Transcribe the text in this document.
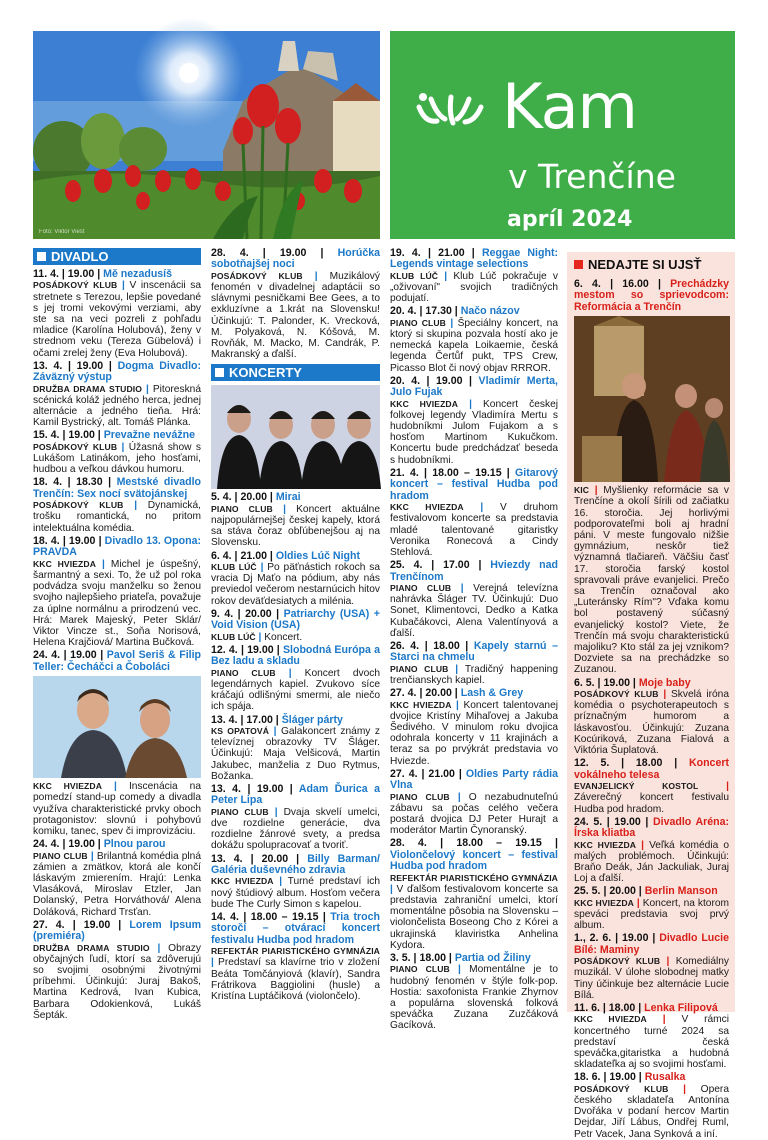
Foto: Viktor Viest
Kam
v Trenčíne
apríl 2024
DIVADLO
11. 4. | 19.00 | Mě nezadusíš
POSÁDKOVÝ KLUB | V inscenácii sa stretnete s Terezou, lepšie povedané s jej tromi vekovými verziami, aby ste sa na veci pozreli z pohľadu mladice (Karolína Holubová), ženy v strednom veku (Tereza Gübelová) i očami zrelej ženy (Eva Holubová).
13. 4. | 19.00 | Dogma Divadlo: Záväzný výstup
DRUŽBA DRAMA STUDIO | Pitoreskná scénická koláž jedného herca, jednej alternácie a jedného tieňa. Hrá: Kamil Bystrický, alt. Tomáš Plánka.
15. 4. | 19.00 | Prevažne nevážne
POSÁDKOVÝ KLUB | Úžasná show s Lukášom Latinákom, jeho hosťami, hudbou a veľkou dávkou humoru.
18. 4. | 18.30 | Mestské divadlo Trenčín: Sex nocí svätojánskej
POSÁDKOVÝ KLUB | Dynamická, trošku romantická, no pritom intelektuálna komédia.
18. 4. | 19.00 | Divadlo 13. Opona: PRAVDA
KKC HVIEZDA | Michel je úspešný, šarmantný a sexi. To, že už pol roka podvádza svoju manželku so ženou svojho najlepšieho priateľa, považuje za úplne normálnu a prirodzenú vec. Hrá: Marek Majeský, Peter Sklár/ Viktor Vincze st., Soňa Norisová, Helena Krajčiová/ Martina Bučková.
24. 4. | 19.00 | Pavol Seriš & Filip Teller: Čecháčci a Čoboláci
KKC HVIEZDA | Inscenácia na pomedzí stand-up comedy a divadla využíva charakteristické prvky oboch protagonistov: slovnú i pohybovú komiku, tanec, spev či improvizáciu.
24. 4. | 19.00 | Plnou parou
PIANO CLUB | Brilantná komédia plná zámien a zmätkov, ktorá ale končí láskavým zmierením. Hrajú: Lenka Vlasáková, Miroslav Etzler, Jan Dolanský, Petra Horváthová/ Alena Doláková, Richard Trsťan.
27. 4. | 19.00 | Lorem Ipsum (premiéra)
DRUŽBA DRAMA STUDIO | Obrazy obyčajných ľudí, ktorí sa zdôverujú so svojimi osobnými životnými príbehmi. Účinkujú: Juraj Bakoš, Martina Kedrová, Ivan Kubica, Barbara Odokienková, Lukáš Šepták.
28. 4. | 19.00 | Horúčka sobotňajšej noci
POSÁDKOVÝ KLUB | Muzikálový fenomén v divadelnej adaptácii so slávnymi pesničkami Bee Gees, a to exkluzívne a 1.krát na Slovensku! Účinkujú: T. Palonder, K. Vrecková, M. Polyaková, N. Kóšová, M. Rovňák, M. Macko, M. Candrák, P. Makranský a ďalší.
KONCERTY
5. 4. | 20.00 | Mirai
PIANO CLUB | Koncert aktuálne najpopulárnejšej českej kapely, ktorá sa stáva čoraz obľúbenejšou aj na Slovensku.
6. 4. | 21.00 | Oldies Lúč Night
KLUB LÚČ | Po päťnástich rokoch sa vracia Dj Maťo na pódium, aby nás previedol večerom nestarnúcich hitov rokov deväťdesiatych a milénia.
9. 4. | 20.00 | Patriarchy (USA) + Void Vision (USA)
KLUB LÚČ | Koncert.
12. 4. | 19.00 | Slobodná Európa a Bez ladu a skladu
PIANO CLUB | Koncert dvoch legendárnych kapiel. Zvukovo síce kráčajú odlišnými smermi, ale niečo ich spája.
13. 4. | 17.00 | Šláger párty
KS OPATOVÁ | Galakoncert známy z televíznej obrazovky TV Šláger. Účinkujú: Maja Velšicová, Martin Jakubec, manželia z Duo Rytmus, Božanka.
13. 4. | 19.00 | Adam Ďurica a Peter Lipa
PIANO CLUB | Dvaja skvelí umelci, dve rozdielne generácie, dva rozdielne žánrové svety, a predsa dokážu spolupracovať a tvoriť.
13. 4. | 20.00 | Billy Barman/ Galéria duševného zdravia
KKC HVIEZDA | Turné predstaví ich nový štúdiový album. Hosťom večera bude The Curly Simon s kapelou.
14. 4. | 18.00 – 19.15 | Tria troch storočí – otvárací koncert festivalu Hudba pod hradom
REFEKTÁR PIARISTICKÉHO GYMNÁZIA | Predstaví sa klavírne trio v zložení Beáta Tomčányiová (klavír), Sandra Frátrikova Baggiolini (husle) a Kristína Luptáčiková (violončelo).
19. 4. | 21.00 | Reggae Night: Legends vintage selections
KLUB LÚČ | Klub Lúč pokračuje v „oživovaní" svojich tradičných podujatí.
20. 4. | 17.30 | Načo názov
PIANO CLUB | Špeciálny koncert, na ktorý si skupina pozvala hostí ako je nemecká kapela Loikaemie, česká legenda Čertůf pukt, TPS Crew, Picasso Blot či nový objav RRROR.
20. 4. | 19.00 | Vladimír Merta, Julo Fujak
KKC HVIEZDA | Koncert českej folkovej legendy Vladimíra Mertu s hudobníkmi Julom Fujakom a s hosťom Martinom Kukučkom. Koncertu bude predchádzať beseda s hudobníkmi.
21. 4. | 18.00 – 19.15 | Gitarový koncert – festival Hudba pod hradom
KKC HVIEZDA | V druhom festivalovom koncerte sa predstavia mladé talentované gitaristky Veronika Ronecová a Cindy Stehlová.
25. 4. | 17.00 | Hviezdy nad Trenčínom
PIANO CLUB | Verejná televízna nahrávka Šláger TV. Účinkujú: Duo Sonet, Klimentovci, Dedko a Katka Kubačákovci, Alena Valentínyová a ďalší.
26. 4. | 18.00 | Kapely starnú – Starci na chmelu
PIANO CLUB | Tradičný happening trenčianskych kapiel.
27. 4. | 20.00 | Lash & Grey
KKC HVIEZDA | Koncert talentovanej dvojice Kristíny Mihaľovej a Jakuba Šedivého. V minulom roku dvojica odohrala koncerty v 11 krajinách a teraz sa po prvýkrát predstavia vo Hviezde.
27. 4. | 21.00 | Oldies Party rádia Vlna
PIANO CLUB | O nezabudnuteľnú zábavu sa počas celého večera postará dvojica DJ Peter Hurajt a moderátor Martin Čynoranský.
28. 4. | 18.00 – 19.15 | Violončelový koncert – festival Hudba pod hradom
REFEKTÁR PIARISTICKÉHO GYMNÁZIA | V ďalšom festivalovom koncerte sa predstavia zahraniční umelci, ktorí momentálne pôsobia na Slovensku – violončelista Boseong Cho z Kórei a ukrajinská klaviristka Anhelina Kydora.
3. 5. | 18.00 | Partia od Žiliny
PIANO CLUB | Momentálne je to hudobný fenomén v štýle folk-pop. Hostia: saxofonista Frankie Zhyrnov a populárna slovenská folková speváčka Zuzana Zuzčáková Gacíková.
NEDAJTE SI UJSŤ
6. 4. | 16.00 | Prechádzky mestom so sprievodcom: Reformácia a Trenčín
KIC | Myšlienky reformácie sa v Trenčíne a okolí šírili od začiatku 16. storočia. Jej horlivými podporovateľmi boli aj hradní páni. V meste fungovalo nižšie gymnázium, neskôr tiež významná tlačiareň. Väčšiu časť 17. storočia farský kostol spravovali práve evanjelici. Prečo sa Trenčín označoval ako „Luteránsky Rím"? Vďaka komu bol postavený súčasný evanjelický kostol? Viete, že Trenčín má svoju charakteristickú majoliku? Kto stál za jej vznikom? Dozviete sa na prechádzke so Zuzanou.
6. 5. | 19.00 | Moje baby
POSÁDKOVÝ KLUB | Skvelá iróna komédia o psychoterapeutoch s príznačným humorom a láskavosťou. Účinkujú: Zuzana Kocúriková, Zuzana Fialová a Viktória Šuplatová.
12. 5. | 18.00 | Koncert vokálneho telesa
EVANJELICKÝ KOSTOL | Záverečný koncert festivalu Hudba pod hradom.
24. 5. | 19.00 | Divadlo Aréna: Írska kliatba
KKC HVIEZDA | Veľká komédia o malých problémoch. Účinkujú: Braňo Deák, Ján Jackuliak, Juraj Loj a ďalší.
25. 5. | 20.00 | Berlin Manson
KKC HVIEZDA | Koncert, na ktorom speváci predstavia svoj prvý album.
1., 2. 6. | 19.00 | Divadlo Lucie Bílé: Maminy
POSÁDKOVÝ KLUB | Komediálny muzikál. V úlohe slobodnej matky Tiny účinkuje bez alternácie Lucie Bílá.
11. 6. | 18.00 | Lenka Filipová
KKC HVIEZDA | V rámci koncertného turné 2024 sa predstaví česká speváčka,gitaristka a hudobná skladateľka aj so svojimi hosťami.
18. 6. | 19.00 | Rusalka
POSÁDKOVÝ KLUB | Opera českého skladateľa Antonína Dvořáka v podaní hercov Martin Dejdar, Jiří Lábus, Ondřej Ruml, Petr Vacek, Jana Synková a iní.
